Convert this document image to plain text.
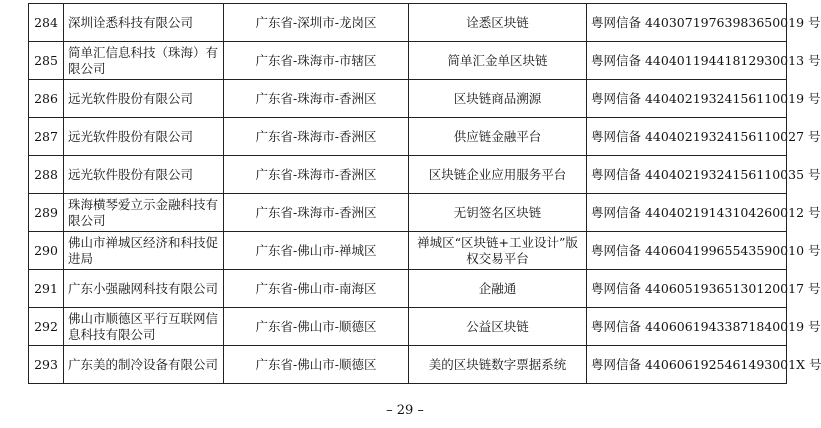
284	深圳诠悉科技有限公司	广东省-深圳市-龙岗区	诠悉区块链	粤网信备 44030719763983650019 号
285	简单汇信息科技（珠海）有限公司	广东省-珠海市-市辖区	简单汇金单区块链	粤网信备 44040119441812930013 号
286	远光软件股份有限公司	广东省-珠海市-香洲区	区块链商品溯源	粤网信备 44040219324156110019 号
287	远光软件股份有限公司	广东省-珠海市-香洲区	供应链金融平台	粤网信备 44040219324156110027 号
288	远光软件股份有限公司	广东省-珠海市-香洲区	区块链企业应用服务平台	粤网信备 44040219324156110035 号
289	珠海横琴爱立示金融科技有限公司	广东省-珠海市-香洲区	无钥签名区块链	粤网信备 44040219143104260012 号
290	佛山市禅城区经济和科技促进局	广东省-佛山市-禅城区	禅城区“区块链+工业设计”版权交易平台	粤网信备 44060419965543590010 号
291	广东小强融网科技有限公司	广东省-佛山市-南海区	企融通	粤网信备 44060519365130120017 号
292	佛山市顺德区平行互联网信息科技有限公司	广东省-佛山市-顺德区	公益区块链	粤网信备 44060619433871840019 号
293	广东美的制冷设备有限公司	广东省-佛山市-顺德区	美的区块链数字票据系统	粤网信备 4406061925461493001X 号
– 29 –
